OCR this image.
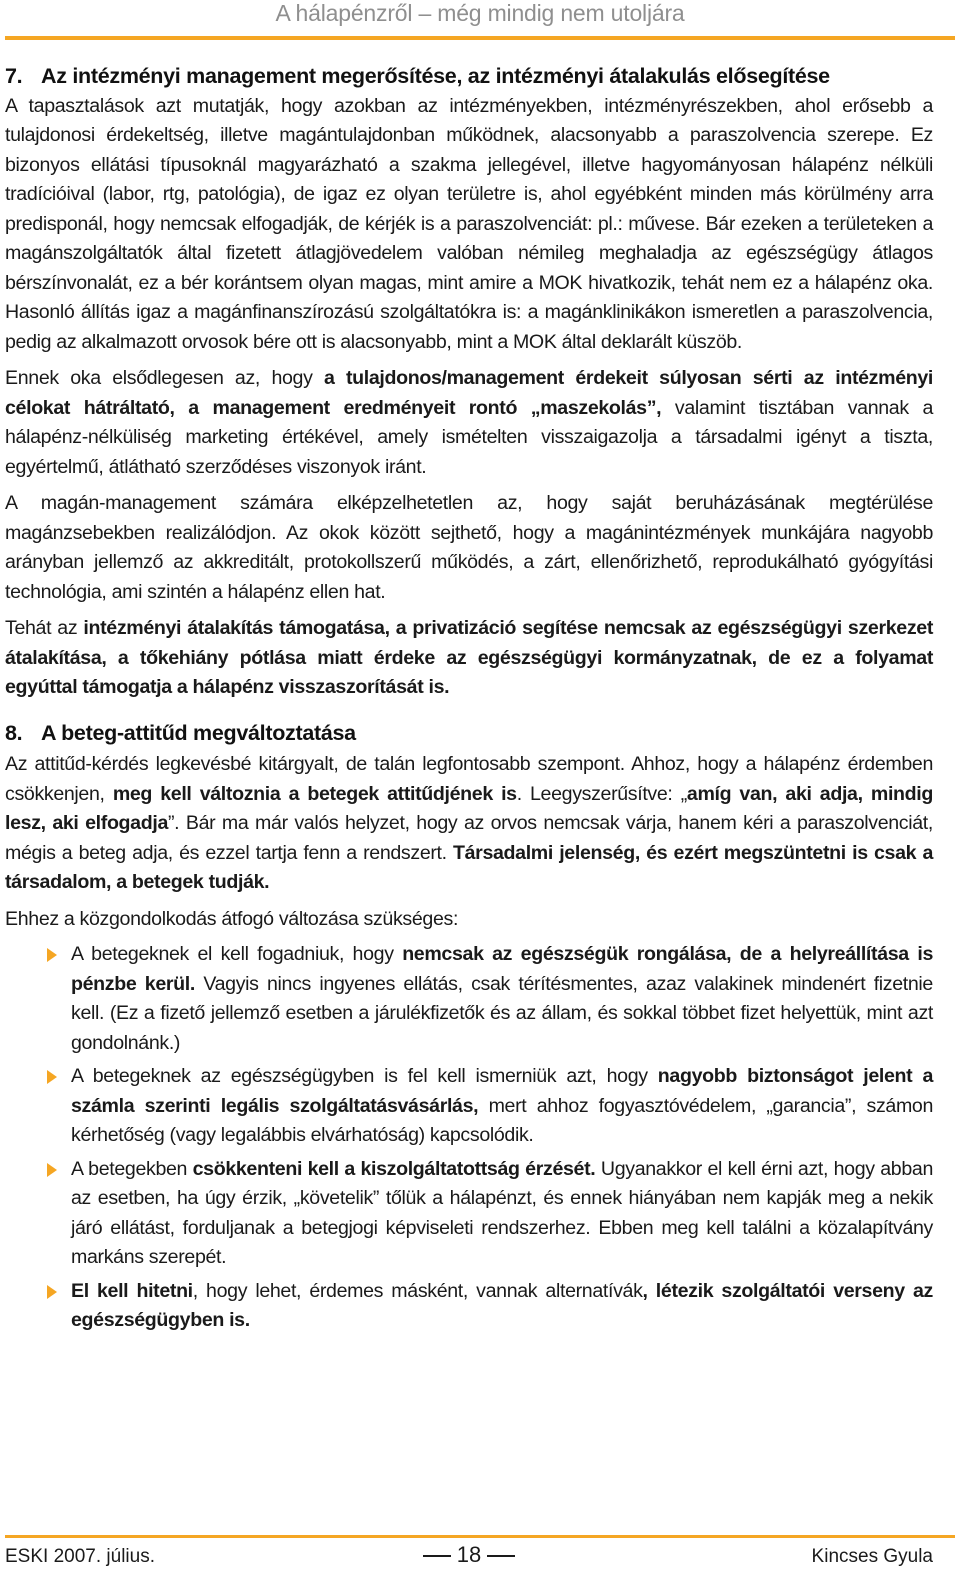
A hálapénzről – még mindig nem utoljára
7. Az intézményi management megerősítése, az intézményi átalakulás elősegítése

A tapasztalások azt mutatják, hogy azokban az intézményekben, intézményrészekben, ahol erősebb a tulajdonosi érdekeltség, illetve magántulajdonban működnek, alacsonyabb a paraszolvencia szerepe. Ez bizonyos ellátási típusoknál magyarázható a szakma jellegével, illetve hagyományosan hálapénz nélküli tradícióival (labor, rtg, patológia), de igaz ez olyan területre is, ahol egyébként minden más körülmény arra predisponál, hogy nemcsak elfogadják, de kérjék is a paraszolvenciát: pl.: művese. Bár ezeken a területeken a magánszolgáltatók által fizetett átlagjövedelem valóban némileg meghaladja az egészségügy átlagos bérszínvonalát, ez a bér korántsem olyan magas, mint amire a MOK hivatkozik, tehát nem ez a hálapénz oka. Hasonló állítás igaz a magánfinanszírozású szolgáltatókra is: a magánklinikákon ismeretlen a paraszolvencia, pedig az alkalmazott orvosok bére ott is alacsonyabb, mint a MOK által deklarált küszöb.

Ennek oka elsődlegesen az, hogy a tulajdonos/management érdekeit súlyosan sérti az intézményi célokat hátráltató, a management eredményeit rontó „maszekolás”, valamint tisztában vannak a hálapénz-nélküliség marketing értékével, amely ismételten visszaigazolja a társadalmi igényt a tiszta, egyértelmű, átlátható szerződéses viszonyok iránt.

A magán-management számára elképzelhetetlen az, hogy saját beruházásának megtérülése magánzsebekben realizálódjon. Az okok között sejthető, hogy a magánintézmények munkájára nagyobb arányban jellemző az akkreditált, protokollszerű működés, a zárt, ellenőrizhető, reprodukálható gyógyítási technológia, ami szintén a hálapénz ellen hat.

Tehát az intézményi átalakítás támogatása, a privatizáció segítése nemcsak az egészségügyi szerkezet átalakítása, a tőkehiány pótlása miatt érdeke az egészségügyi kormányzatnak, de ez a folyamat egyúttal támogatja a hálapénz visszaszorítását is.

8. A beteg-attitűd megváltoztatása

Az attitűd-kérdés legkevésbé kitárgyalt, de talán legfontosabb szempont. Ahhoz, hogy a hálapénz érdemben csökkenjen, meg kell változnia a betegek attitűdjének is. Leegyszerűsítve: „amíg van, aki adja, mindig lesz, aki elfogadja”. Bár ma már valós helyzet, hogy az orvos nemcsak várja, hanem kéri a paraszolvenciát, mégis a beteg adja, és ezzel tartja fenn a rendszert. Társadalmi jelenség, és ezért megszüntetni is csak a társadalom, a betegek tudják.

Ehhez a közgondolkodás átfogó változása szükséges:

A betegeknek el kell fogadniuk, hogy nemcsak az egészségük rongálása, de a helyreállítása is pénzbe kerül. Vagyis nincs ingyenes ellátás, csak térítésmentes, azaz valakinek mindenért fizetnie kell. (Ez a fizető jellemző esetben a járulékfizetők és az állam, és sokkal többet fizet helyettük, mint azt gondolnánk.)
A betegeknek az egészségügyben is fel kell ismerniük azt, hogy nagyobb biztonságot jelent a számla szerinti legális szolgáltatásvásárlás, mert ahhoz fogyasztóvédelem, „garancia”, számon kérhetőség (vagy legalábbis elvárhatóság) kapcsolódik.
A betegekben csökkenteni kell a kiszolgáltatottság érzését. Ugyanakkor el kell érni azt, hogy abban az esetben, ha úgy érzik, „követelik” tőlük a hálapénzt, és ennek hiányában nem kapják meg a nekik járó ellátást, forduljanak a betegjogi képviseleti rendszerhez. Ebben meg kell találni a közalapítvány markáns szerepét.
El kell hitetni, hogy lehet, érdemes másként, vannak alternatívák, létezik szolgáltatói verseny az egészségügyben is.
ESKI 2007. július.	18	Kincses Gyula
